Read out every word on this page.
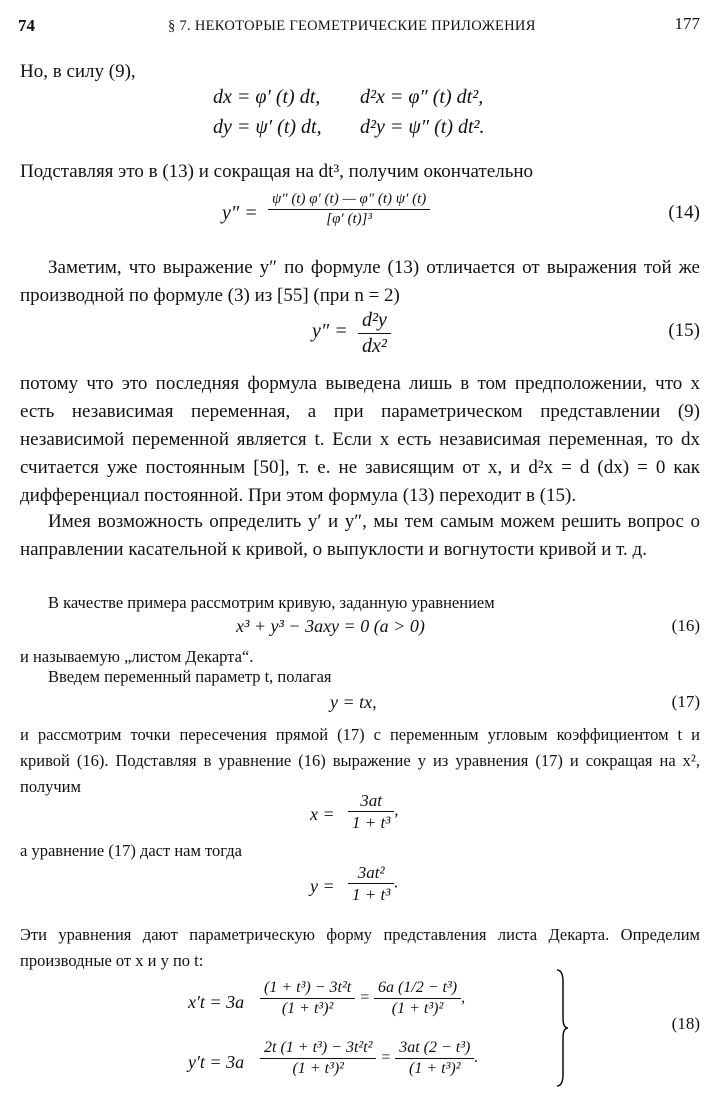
74	§ 7. НЕКОТОРЫЕ ГЕОМЕТРИЧЕСКИЕ ПРИЛОЖЕНИЯ	177
Но, в силу (9),
dx = φ′ (t) dt, d²x = φ″ (t) dt²,
dy = ψ′ (t) dt, d²y = ψ″ (t) dt².
Подставляя это в (13) и сокращая на dt³, получим окончательно
$y'' = \frac{\psi'' (t) \varphi' (t) — \varphi'' (t) \psi' (t)}{\text{[φ′ (t)]³}}$	(14)
Заметим, что выражение y″ по формуле (13) отличается от выражения той же производной по формуле (3) из [55] (при n = 2)
$y'' = \frac{\text{d²y}}{\text{dx²}}$	(15)
потому что это последняя формула выведена лишь в том предположении, что x есть независимая переменная, а при параметрическом представлении (9) независимой переменной является t. Если x есть независимая переменная, то dx считается уже постоянным [50], т. е. не зависящим от x, и d²x = d (dx) = 0 как дифференциал постоянной. При этом формула (13) переходит в (15).
Имея возможность определить y′ и y″, мы тем самым можем решить вопрос о направлении касательной к кривой, о выпуклости и вогнутости кривой и т. д.
В качестве примера рассмотрим кривую, заданную уравнением
x³ + y³ − 3axy = 0 (a > 0)	(16)
и называемую „листом Декарта“.
Введем переменный параметр t, полагая
y = tx,	(17)
и рассмотрим точки пересечения прямой (17) с переменным угловым коэффициентом t и кривой (16). Подставляя в уравнение (16) выражение y из уравнения (17) и сокращая на x², получим
$x = \frac{3at}{\text{1 + t³}}$ ,
а уравнение (17) даст нам тогда
$y = \frac{\text{3at²}}{\text{1 + t³}}$ .
Эти уравнения дают параметрическую форму представления листа Декарта. Определим производные от x и y по t:
$x't = 3a \frac{\text{(1 + t³) − 3t²t}}{\text{(1 + t³)²}} = \frac{\text{6a (1/2 − t³)}}{\text{(1 + t³)²}}$ ,
$y't = 3a \frac{\text{2t (1 + t³) − 3t²t²}}{\text{(1 + t³)²}} = \frac{\text{3at (2 − t³)}}{\text{(1 + t³)²}}$ .
(18)
